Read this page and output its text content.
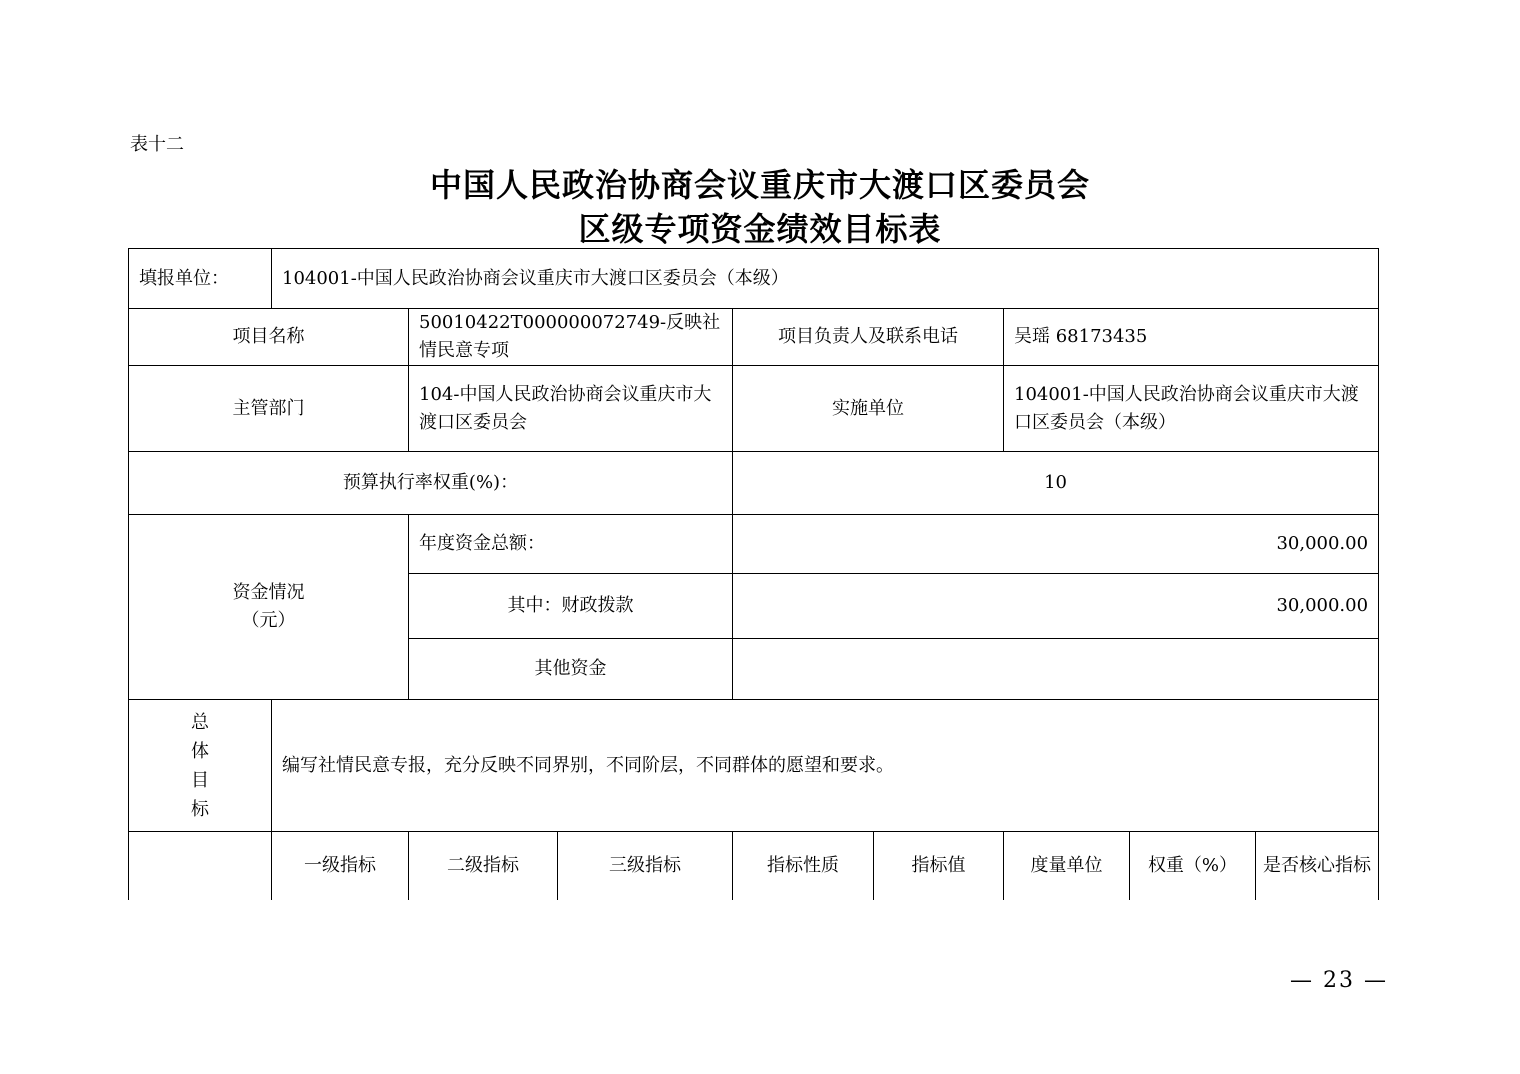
表十二
中国人民政治协商会议重庆市大渡口区委员会
区级专项资金绩效目标表
填报单位：	104001-中国人民政治协商会议重庆市大渡口区委员会（本级）							
项目名称		50010422T000000072749-反映社情民意专项		项目负责人及联系电话		吴瑶 68173435		
主管部门		104-中国人民政治协商会议重庆市大渡口区委员会		实施单位		104001-中国人民政治协商会议重庆市大渡口区委员会（本级）		
预算执行率权重(%)：				10				

资金情况
（元）		年度资金总额：		30,000.00				
		其中：财政拨款		30,000.00				
		其他资金						

总
体
目
标	编写社情民意专报，充分反映不同界别，不同阶层，不同群体的愿望和要求。							
	一级指标	二级指标	三级指标	指标性质	指标值	度量单位	权重（%）	是否核心指标
— 23 —
